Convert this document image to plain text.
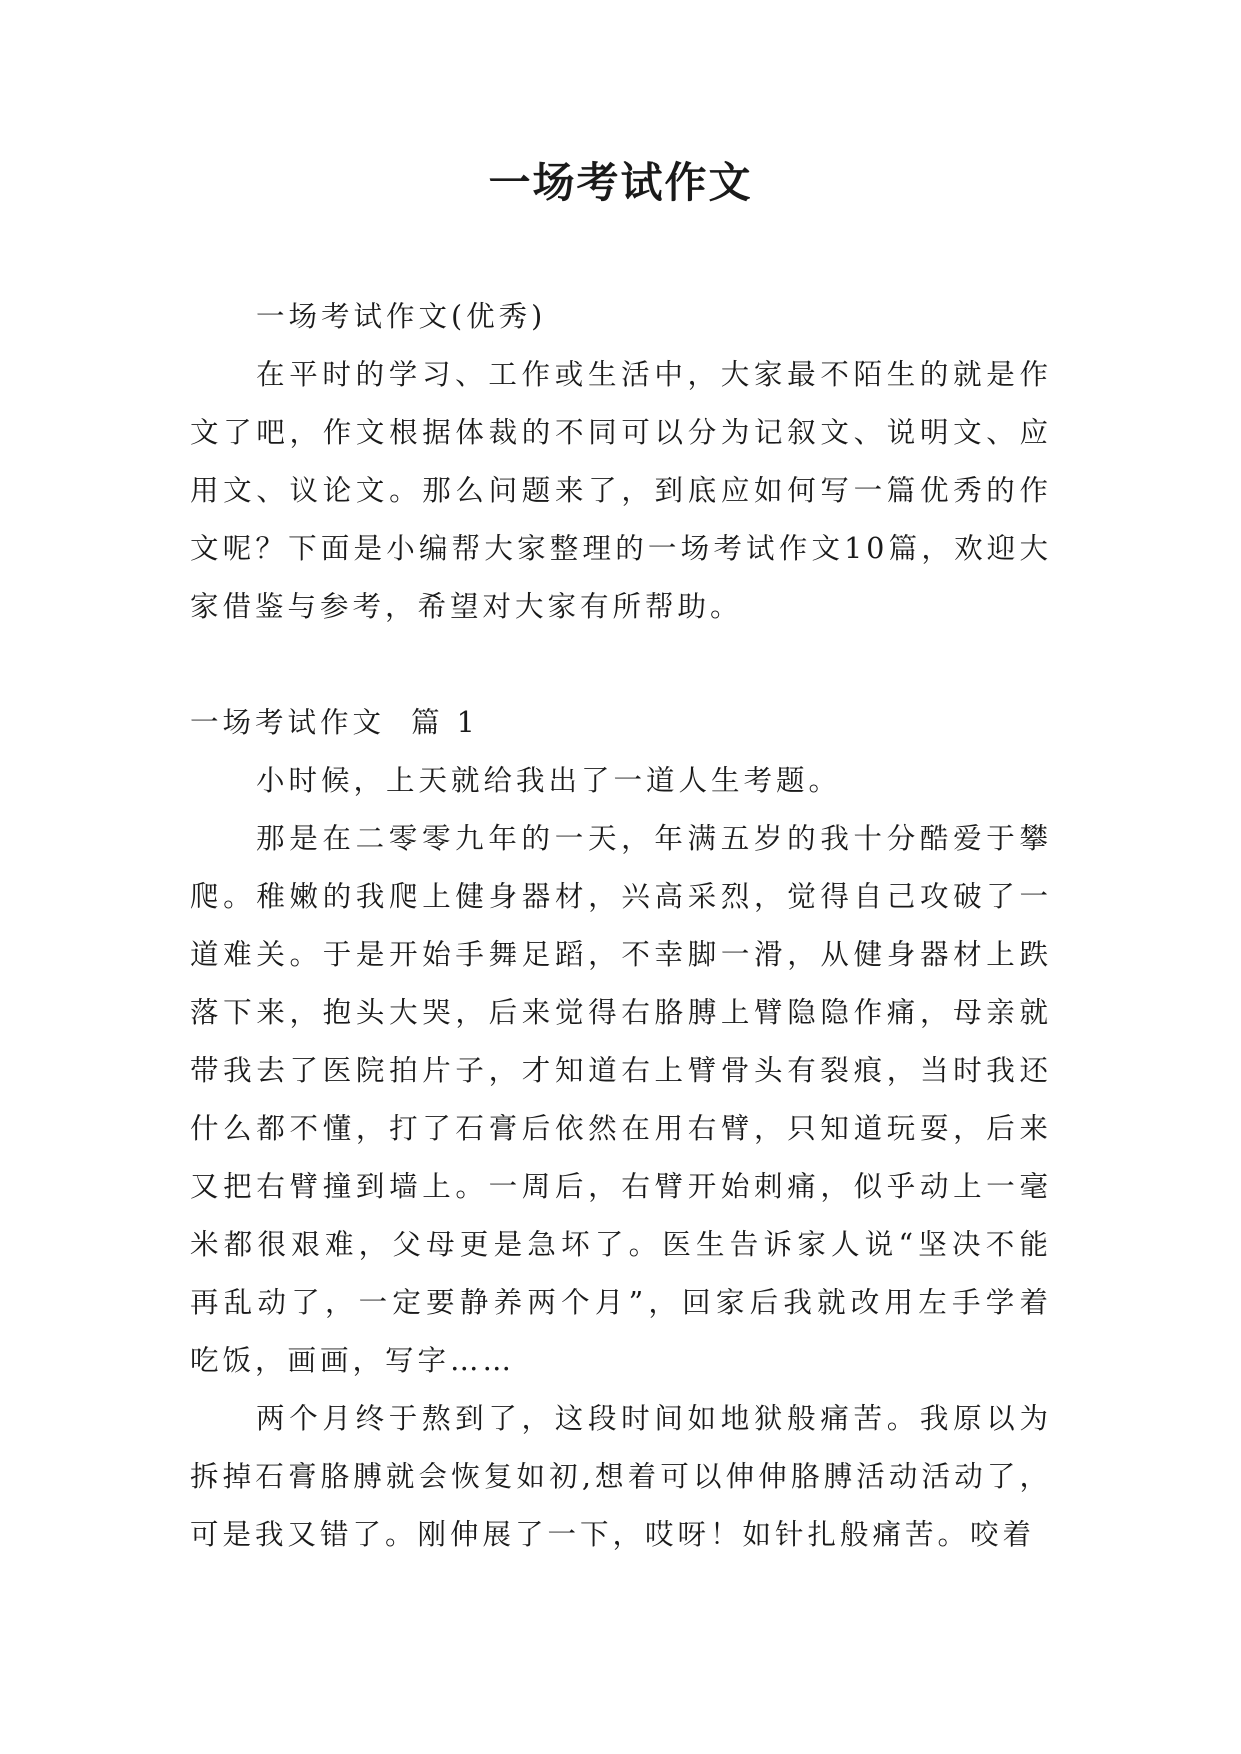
一场考试作文

一场考试作文(优秀)

在平时的学习、工作或生活中，大家最不陌生的就是作文了吧，作文根据体裁的不同可以分为记叙文、说明文、应用文、议论文。那么问题来了，到底应如何写一篇优秀的作文呢？下面是小编帮大家整理的一场考试作文10篇，欢迎大家借鉴与参考，希望对大家有所帮助。

一场考试作文  篇 1

小时候，上天就给我出了一道人生考题。

那是在二零零九年的一天，年满五岁的我十分酷爱于攀爬。稚嫩的我爬上健身器材，兴高采烈，觉得自己攻破了一道难关。于是开始手舞足蹈，不幸脚一滑，从健身器材上跌落下来，抱头大哭，后来觉得右胳膊上臂隐隐作痛，母亲就带我去了医院拍片子，才知道右上臂骨头有裂痕，当时我还什么都不懂，打了石膏后依然在用右臂，只知道玩耍，后来又把右臂撞到墙上。一周后，右臂开始刺痛，似乎动上一毫米都很艰难，父母更是急坏了。医生告诉家人说“坚决不能再乱动了，一定要静养两个月”，回家后我就改用左手学着吃饭，画画，写字……

两个月终于熬到了，这段时间如地狱般痛苦。我原以为拆掉石膏胳膊就会恢复如初,想着可以伸伸胳膊活动活动了，可是我又错了。刚伸展了一下，哎呀！如针扎般痛苦。咬着
